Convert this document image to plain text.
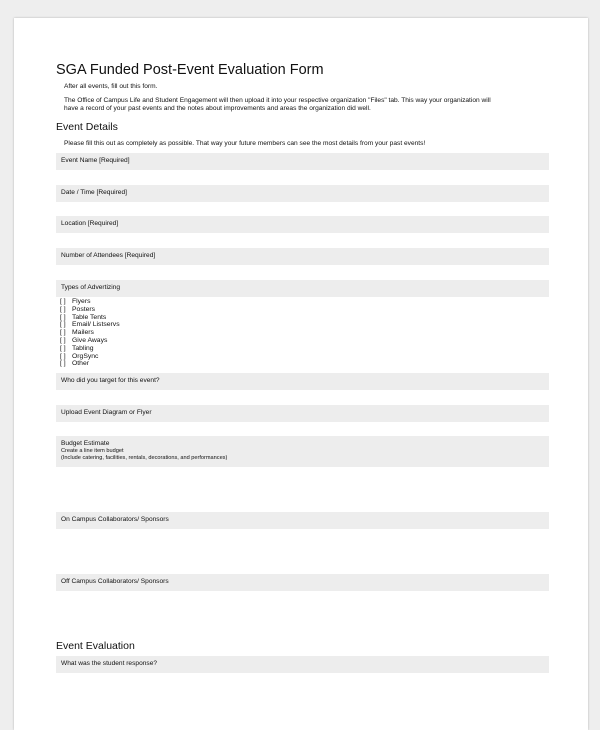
SGA Funded Post-Event Evaluation Form
After all events, fill out this form.
The Office of Campus Life and Student Engagement will then upload it into your respective organization "Files" tab. This way your organization will
have a record of your past events and the notes about improvements and areas the organization did well.
Event Details
Please fill this out as completely as possible. That way your future members can see the most details from your past events!
Event Name [Required]
Date / Time [Required]
Location [Required]
Number of Attendees [Required]
Types of Advertizing
[ ] Flyers
[ ] Posters
[ ] Table Tents
[ ] Email/ Listservs
[ ] Mailers
[ ] Give Aways
[ ] Tabling
[ ] OrgSync
[ ] Other
Who did you target for this event?
Upload Event Diagram or Flyer
Budget Estimate
Create a line item budget
(Include catering, facilities, rentals, decorations, and performances)
On Campus Collaborators/ Sponsors
Off Campus Collaborators/ Sponsors
Event Evaluation
What was the student response?
